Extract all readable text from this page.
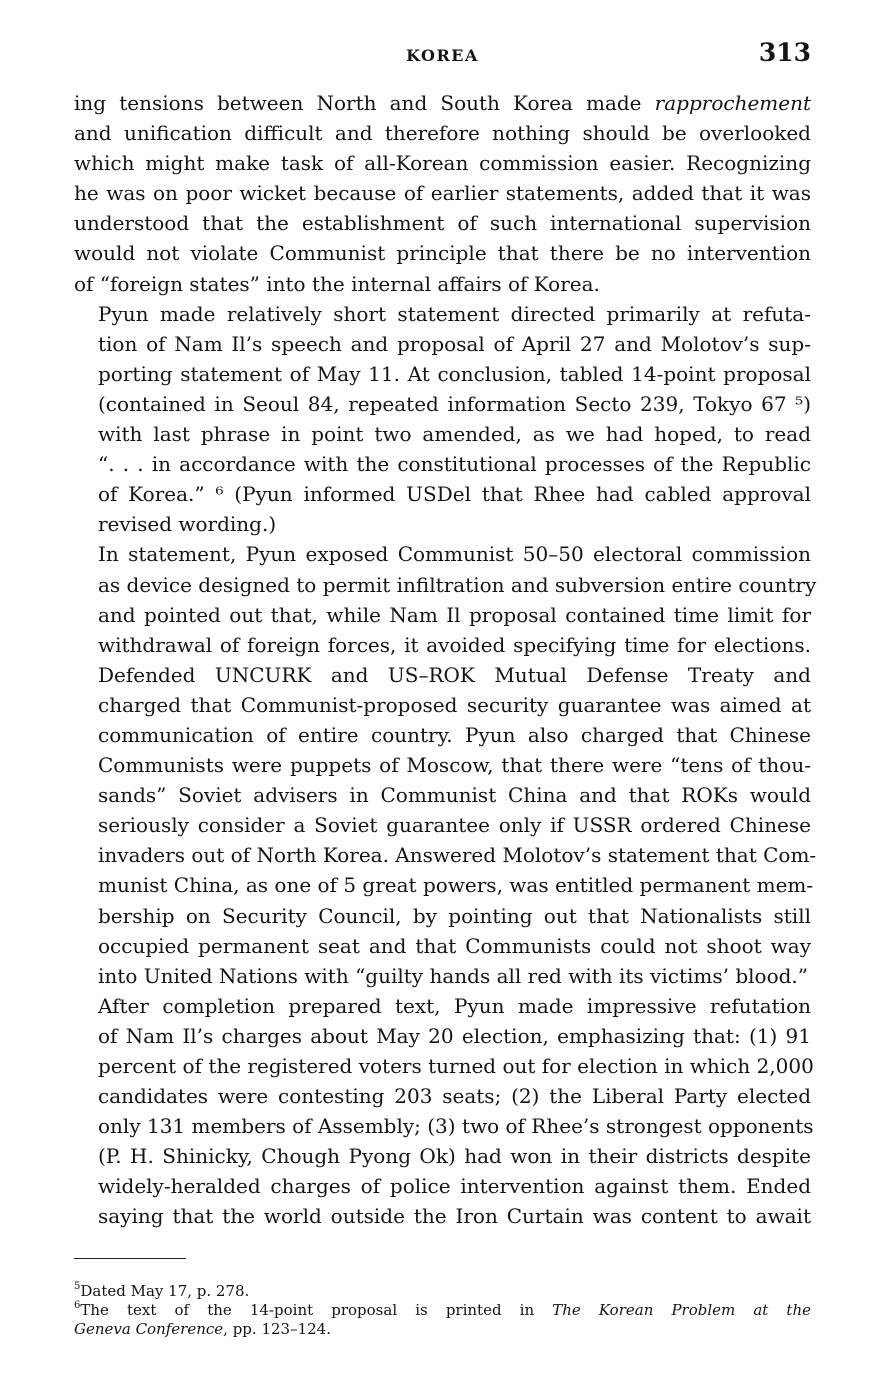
KOREA	313

ing tensions between North and South Korea made rapprochement
and unification difficult and therefore nothing should be overlooked
which might make task of all-Korean commission easier. Recognizing
he was on poor wicket because of earlier statements, added that it was
understood that the establishment of such international supervision
would not violate Communist principle that there be no intervention
of “foreign states” into the internal affairs of Korea.

Pyun made relatively short statement directed primarily at refuta-
tion of Nam Il’s speech and proposal of April 27 and Molotov’s sup-
porting statement of May 11. At conclusion, tabled 14-point proposal
(contained in Seoul 84, repeated information Secto 239, Tokyo 67 ⁵)
with last phrase in point two amended, as we had hoped, to read
“. . . in accordance with the constitutional processes of the Republic
of Korea.” ⁶ (Pyun informed USDel that Rhee had cabled approval
revised wording.)

In statement, Pyun exposed Communist 50–50 electoral commission
as device designed to permit infiltration and subversion entire country
and pointed out that, while Nam Il proposal contained time limit for
withdrawal of foreign forces, it avoided specifying time for elections.
Defended UNCURK and US–ROK Mutual Defense Treaty and
charged that Communist-proposed security guarantee was aimed at
communication of entire country. Pyun also charged that Chinese
Communists were puppets of Moscow, that there were “tens of thou-
sands” Soviet advisers in Communist China and that ROKs would
seriously consider a Soviet guarantee only if USSR ordered Chinese
invaders out of North Korea. Answered Molotov’s statement that Com-
munist China, as one of 5 great powers, was entitled permanent mem-
bership on Security Council, by pointing out that Nationalists still
occupied permanent seat and that Communists could not shoot way
into United Nations with “guilty hands all red with its victims’ blood.”

After completion prepared text, Pyun made impressive refutation
of Nam Il’s charges about May 20 election, emphasizing that: (1) 91
percent of the registered voters turned out for election in which 2,000
candidates were contesting 203 seats; (2) the Liberal Party elected
only 131 members of Assembly; (3) two of Rhee’s strongest opponents
(P. H. Shinicky, Chough Pyong Ok) had won in their districts despite
widely-heralded charges of police intervention against them. Ended
saying that the world outside the Iron Curtain was content to await

$^5$Dated May 17, p. 278.

$^6$The text of the 14-point proposal is printed in The Korean Problem at the
Geneva Conference, pp. 123–124.
